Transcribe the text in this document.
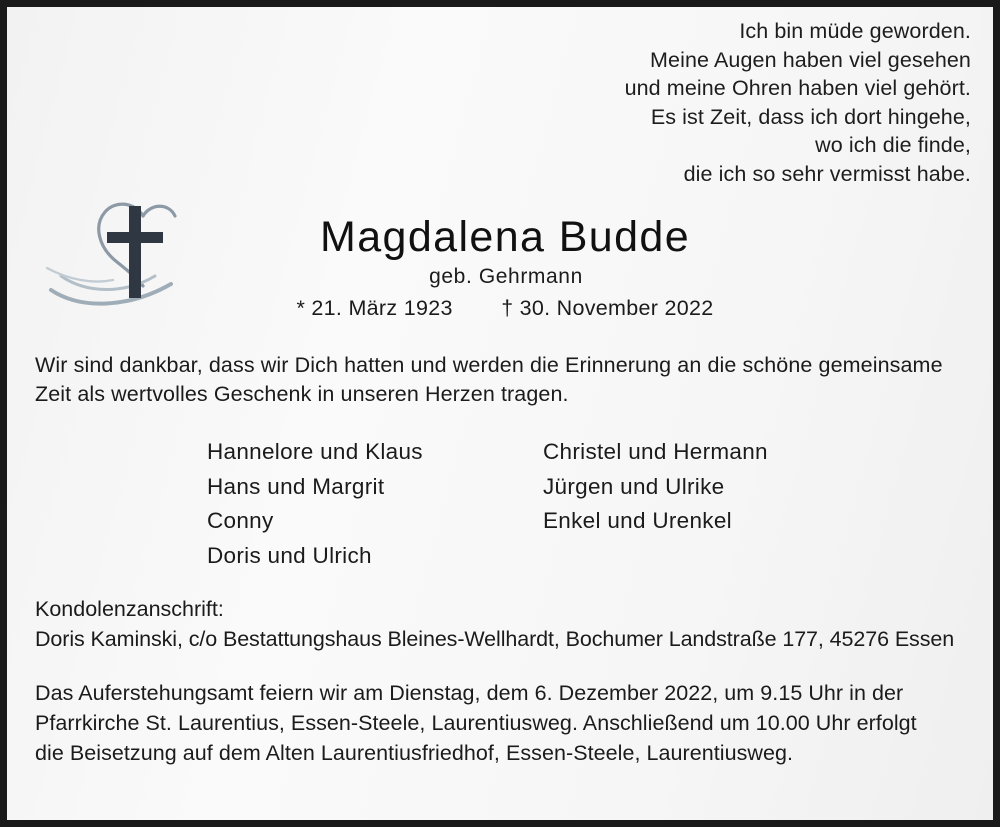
Ich bin müde geworden.
Meine Augen haben viel gesehen
und meine Ohren haben viel gehört.
Es ist Zeit, dass ich dort hingehe,
wo ich die finde,
die ich so sehr vermisst habe.
Magdalena Budde
geb. Gehrmann
* 21. März 1923 † 30. November 2022
Wir sind dankbar, dass wir Dich hatten und werden die Erinnerung an die schöne gemeinsame
Zeit als wertvolles Geschenk in unseren Herzen tragen.
Hannelore und Klaus
Hans und Margrit
Conny
Doris und Ulrich
Christel und Hermann
Jürgen und Ulrike
Enkel und Urenkel
Kondolenzanschrift:
Doris Kaminski, c/o Bestattungshaus Bleines-Wellhardt, Bochumer Landstraße 177, 45276 Essen
Das Auferstehungsamt feiern wir am Dienstag, dem 6. Dezember 2022, um 9.15 Uhr in der
Pfarrkirche St. Laurentius, Essen-Steele, Laurentiusweg. Anschließend um 10.00 Uhr erfolgt
die Beisetzung auf dem Alten Laurentiusfriedhof, Essen-Steele, Laurentiusweg.
